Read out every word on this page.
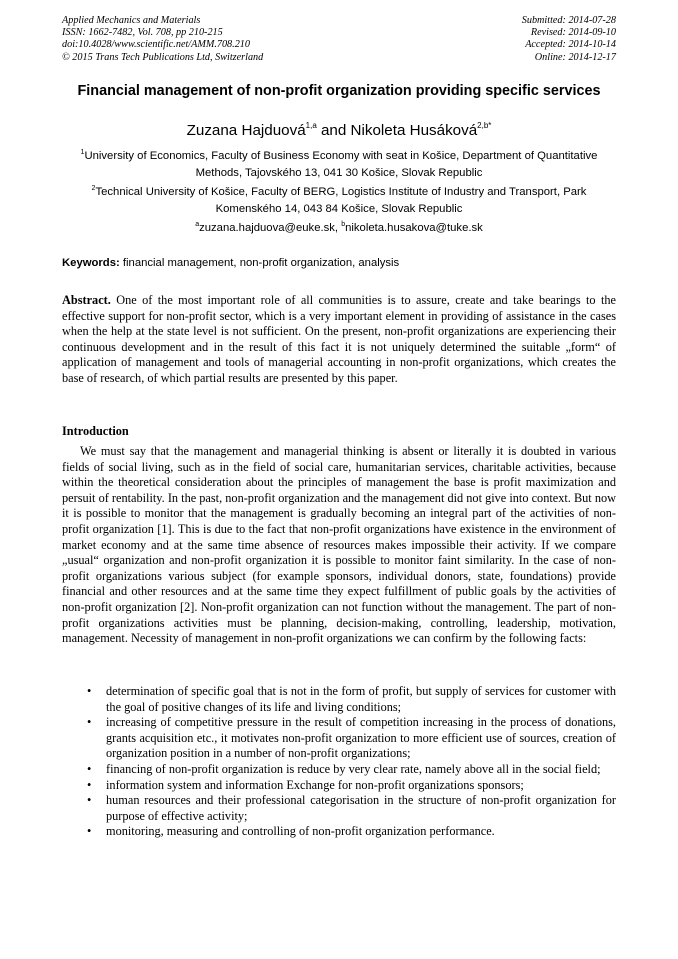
Applied Mechanics and Materials
ISSN: 1662-7482, Vol. 708, pp 210-215
doi:10.4028/www.scientific.net/AMM.708.210
© 2015 Trans Tech Publications Ltd, Switzerland
Submitted: 2014-07-28
Revised: 2014-09-10
Accepted: 2014-10-14
Online: 2014-12-17
Financial management of non-profit organization providing specific services
Zuzana Hajduová$^{1,a}$ and Nikoleta Husáková$^{2,b*}$
$^1$University of Economics, Faculty of Business Economy with seat in Košice, Department of Quantitative Methods, Tajovského 13, 041 30 Košice, Slovak Republic
$^2$Technical University of Košice, Faculty of BERG, Logistics Institute of Industry and Transport, Park Komenského 14, 043 84 Košice, Slovak Republic
$^a$zuzana.hajduova@euke.sk, $^b$nikoleta.husakova@tuke.sk
Keywords: financial management, non-profit organization, analysis
Abstract. One of the most important role of all communities is to assure, create and take bearings to the effective support for non-profit sector, which is a very important element in providing of assistance in the cases when the help at the state level is not sufficient. On the present, non-profit organizations are experiencing their continuous development and in the result of this fact it is not uniquely determined the suitable „form“ of application of management and tools of managerial accounting in non-profit organizations, which creates the base of research, of which partial results are presented by this paper.
Introduction

We must say that the management and managerial thinking is absent or literally it is doubted in various fields of social living, such as in the field of social care, humanitarian services, charitable activities, because within the theoretical consideration about the principles of management the base is profit maximization and persuit of rentability. In the past, non-profit organization and the management did not give into context. But now it is possible to monitor that the management is gradually becoming an integral part of the activities of non-profit organization [1]. This is due to the fact that non-profit organizations have existence in the environment of market economy and at the same time absence of resources makes impossible their activity. If we compare „usual“ organization and non-profit organization it is possible to monitor faint similarity. In the case of non-profit organizations various subject (for example sponsors, individual donors, state, foundations) provide financial and other resources and at the same time they expect fulfillment of public goals by the activities of non-profit organization [2]. Non-profit organization can not function without the management. The part of non-profit organizations activities must be planning, decision-making, controlling, leadership, motivation, management. Necessity of management in non-profit organizations we can confirm by the following facts:

• determination of specific goal that is not in the form of profit, but supply of services for customer with the goal of positive changes of its life and living conditions;
• increasing of competitive pressure in the result of competition increasing in the process of donations, grants acquisition etc., it motivates non-profit organization to more efficient use of sources, creation of organization position in a number of non-profit organizations;
• financing of non-profit organization is reduce by very clear rate, namely above all in the social field;
• information system and information Exchange for non-profit organizations sponsors;
• human resources and their professional categorisation in the structure of non-profit organization for purpose of effective activity;
• monitoring, measuring and controlling of non-profit organization performance.
